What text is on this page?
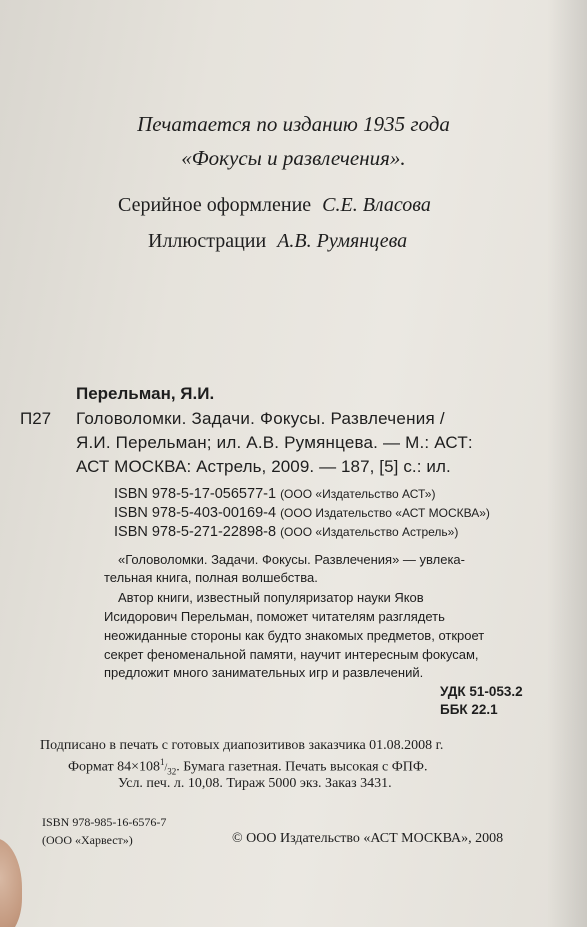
Печатается по изданию 1935 года
«Фокусы и развлечения».
Серийное оформление С.Е. Власова
Иллюстрации А.В. Румянцева
Перельман, Я.И.
П27 Головоломки. Задачи. Фокусы. Развлечения /
Я.И. Перельман; ил. А.В. Румянцева. — М.: АСТ:
АСТ МОСКВА: Астрель, 2009. — 187, [5] с.: ил.
ISBN 978-5-17-056577-1 (ООО «Издательство АСТ»)
ISBN 978-5-403-00169-4 (ООО Издательство «АСТ МОСКВА»)
ISBN 978-5-271-22898-8 (ООО «Издательство Астрель»)
«Головоломки. Задачи. Фокусы. Развлечения» — увлека-
тельная книга, полная волшебства.
Автор книги, известный популяризатор науки Яков
Исидорович Перельман, поможет читателям разглядеть
неожиданные стороны как будто знакомых предметов, откроет
секрет феноменальной памяти, научит интересным фокусам,
предложит много занимательных игр и развлечений.
УДК 51-053.2
ББК 22.1
Подписано в печать с готовых диапозитивов заказчика 01.08.2008 г.
Формат $84\times 108^1/_{32}$. Бумага газетная. Печать высокая с ФПФ.
Усл. печ. л. 10,08. Тираж 5000 экз. Заказ 3431.
ISBN 978-985-16-6576-7
(ООО «Харвест»)	© ООО Издательство «АСТ МОСКВА», 2008
